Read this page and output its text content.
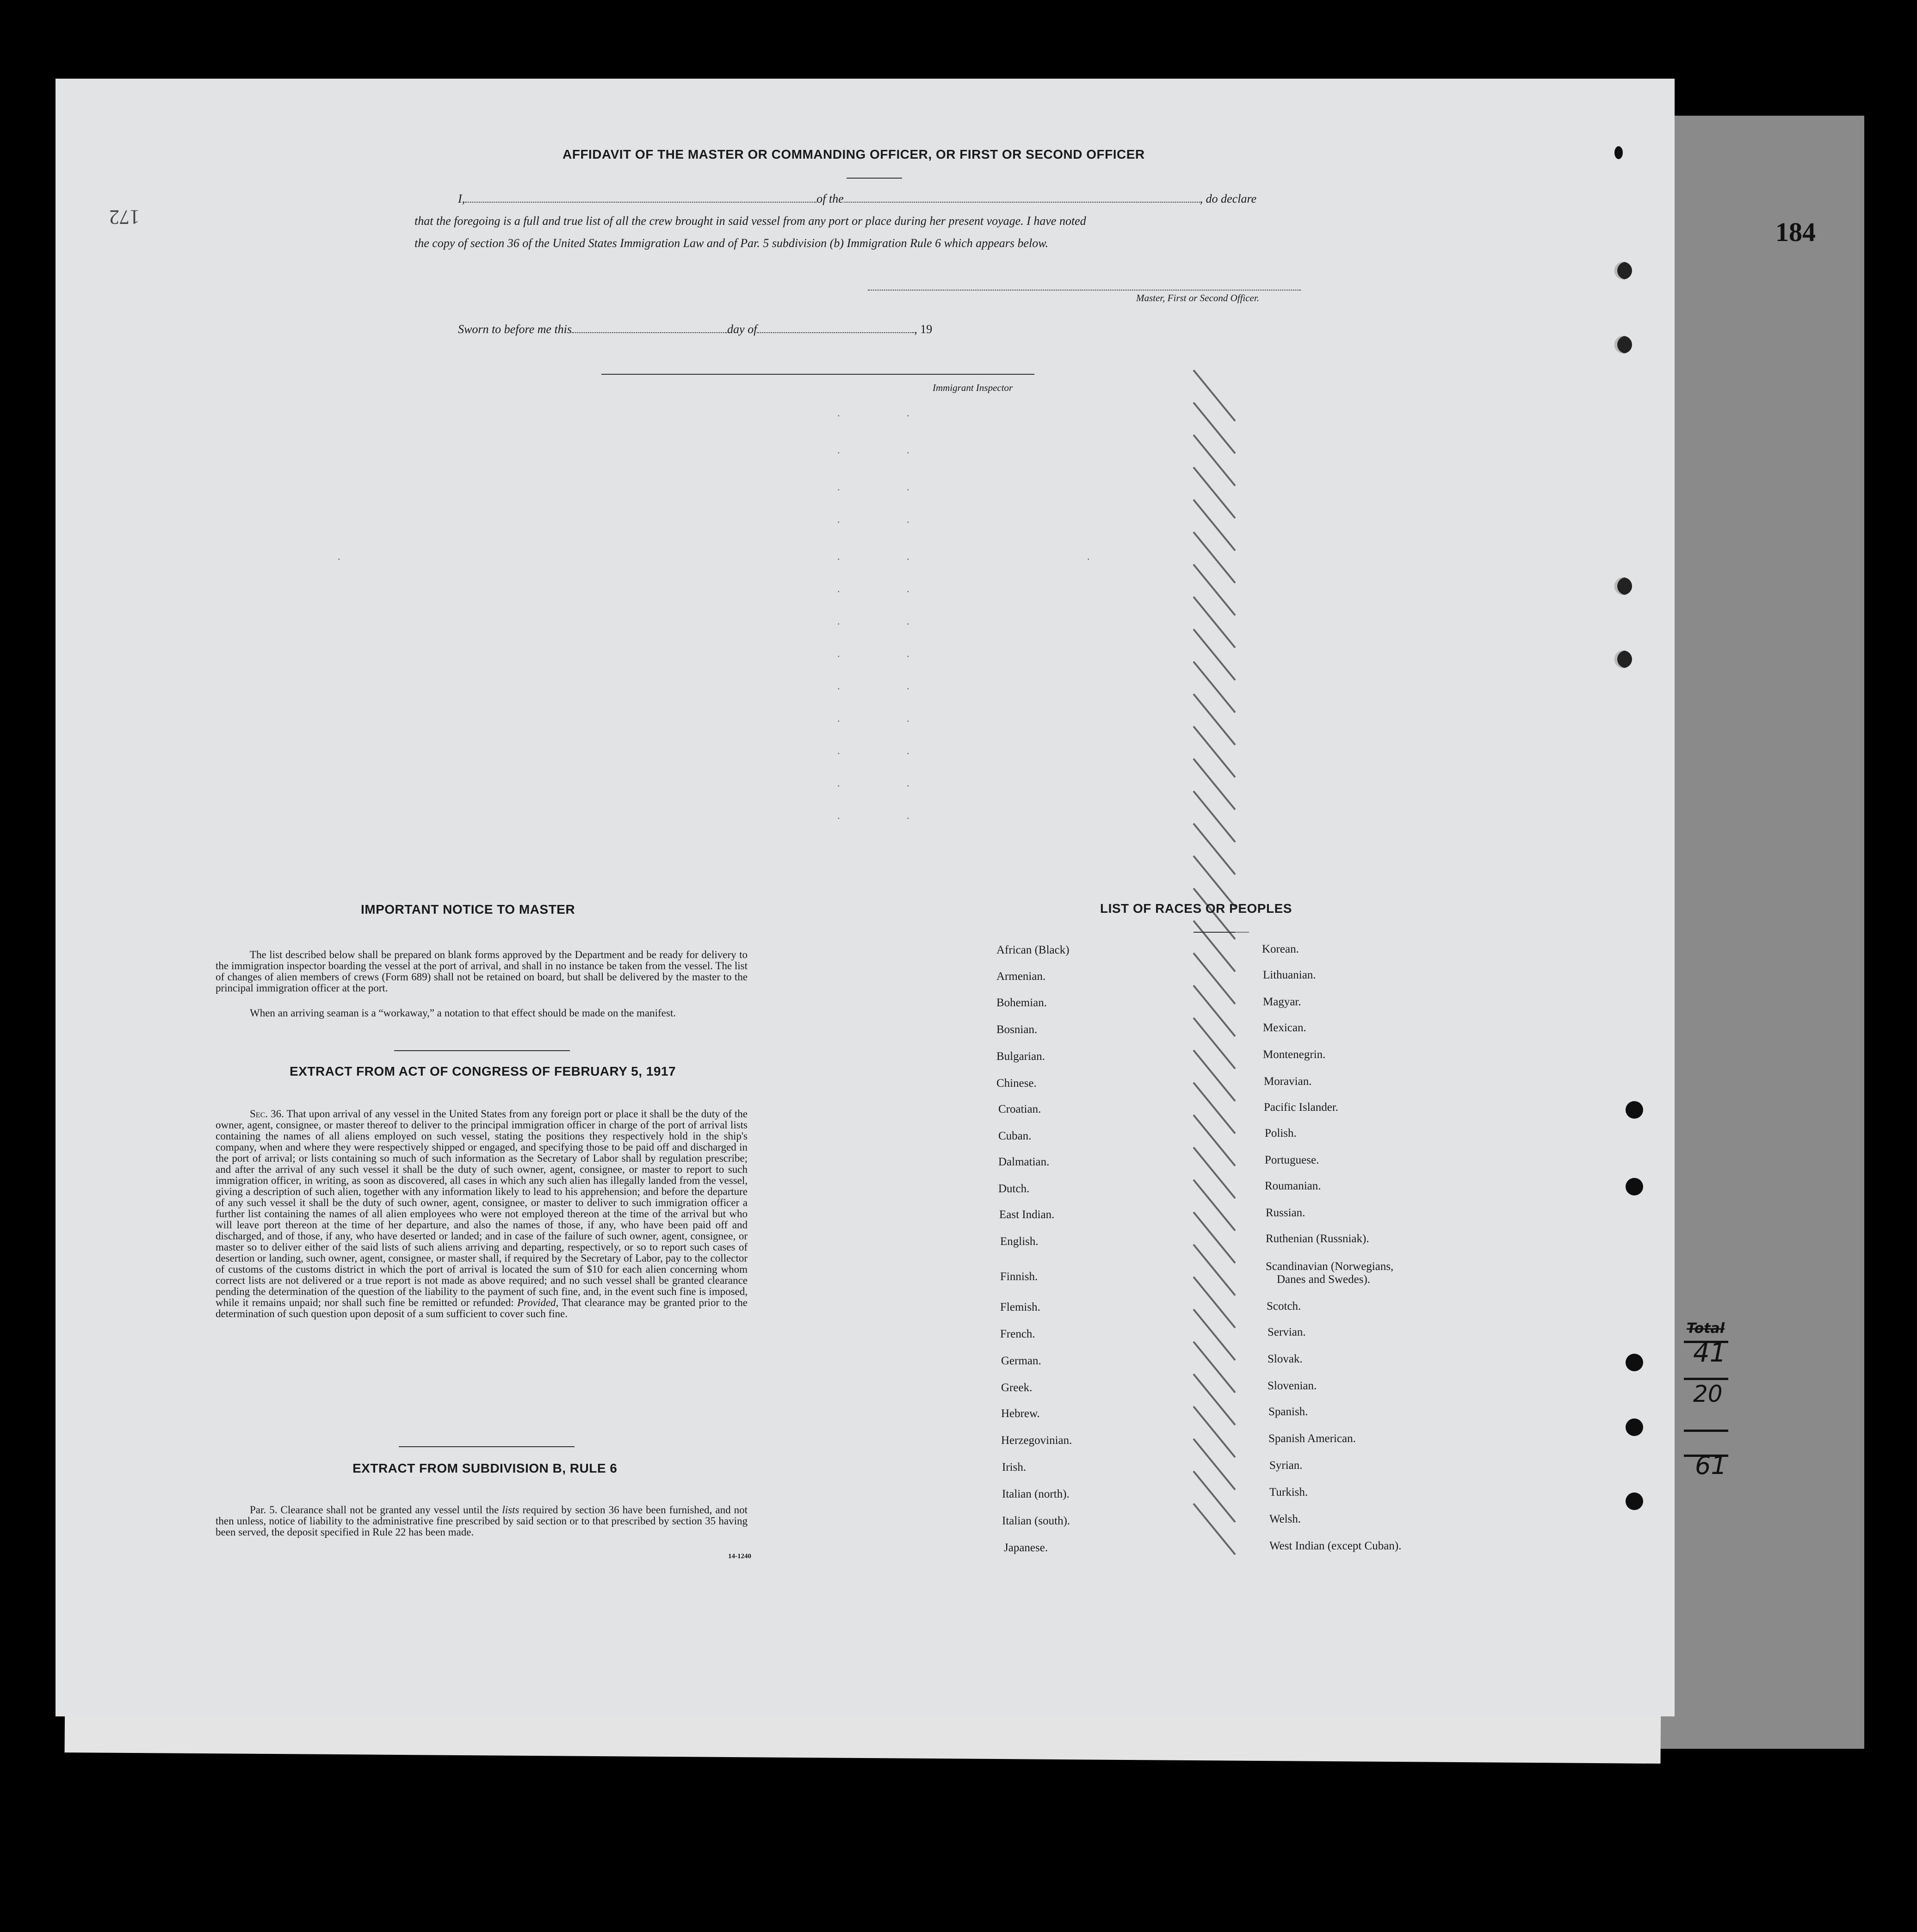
184
172
AFFIDAVIT OF THE MASTER OR COMMANDING OFFICER, OR FIRST OR SECOND OFFICER
I,	of the	, do declare
that the foregoing is a full and true list of all the crew brought in said vessel from any port or place during her present voyage. I have noted
the copy of section 36 of the United States Immigration Law and of Par. 5 subdivision (b) Immigration Rule 6 which appears below.
Master, First or Second Officer.
Sworn to before me this	day of	, 19
Immigrant Inspector
.	.
.	.
.	.
.	.
.	.	.	.
.	.
.	.
.	.
.	.
.	.
.	.
.	.
.	.
IMPORTANT NOTICE TO MASTER
The list described below shall be prepared on blank forms approved by the Department and be ready for delivery to the immigration inspector boarding the vessel at the port of arrival, and shall in no instance be taken from the vessel. The list of changes of alien members of crews (Form 689) shall not be retained on board, but shall be delivered by the master to the principal immigration officer at the port.
When an arriving seaman is a “workaway,” a notation to that effect should be made on the manifest.
EXTRACT FROM ACT OF CONGRESS OF FEBRUARY 5, 1917
Sec. 36. That upon arrival of any vessel in the United States from any foreign port or place it shall be the duty of the owner, agent, consignee, or master thereof to deliver to the principal immigration officer in charge of the port of arrival lists containing the names of all aliens employed on such vessel, stating the positions they respectively hold in the ship's company, when and where they were respectively shipped or engaged, and specifying those to be paid off and discharged in the port of arrival; or lists containing so much of such information as the Secretary of Labor shall by regulation prescribe; and after the arrival of any such vessel it shall be the duty of such owner, agent, consignee, or master to report to such immigration officer, in writing, as soon as discovered, all cases in which any such alien has illegally landed from the vessel, giving a description of such alien, together with any information likely to lead to his apprehension; and before the departure of any such vessel it shall be the duty of such owner, agent, consignee, or master to deliver to such immigration officer a further list containing the names of all alien employees who were not employed thereon at the time of the arrival but who will leave port thereon at the time of her departure, and also the names of those, if any, who have been paid off and discharged, and of those, if any, who have deserted or landed; and in case of the failure of such owner, agent, consignee, or master so to deliver either of the said lists of such aliens arriving and departing, respectively, or so to report such cases of desertion or landing, such owner, agent, consignee, or master shall, if required by the Secretary of Labor, pay to the collector of customs of the customs district in which the port of arrival is located the sum of $10 for each alien concerning whom correct lists are not delivered or a true report is not made as above required; and no such vessel shall be granted clearance pending the determination of the question of the liability to the payment of such fine, and, in the event such fine is imposed, while it remains unpaid; nor shall such fine be remitted or refunded: Provided, That clearance may be granted prior to the determination of such question upon deposit of a sum sufficient to cover such fine.
EXTRACT FROM SUBDIVISION B, RULE 6
Par. 5. Clearance shall not be granted any vessel until the lists required by section 36 have been furnished, and not then unless, notice of liability to the administrative fine prescribed by said section or to that prescribed by section 35 having been served, the deposit specified in Rule 22 has been made.
14-1240
LIST OF RACES OR PEOPLES
African (Black)
Armenian.
Bohemian.
Bosnian.
Bulgarian.
Chinese.
Croatian.
Cuban.
Dalmatian.
Dutch.
East Indian.
English.
Finnish.
Flemish.
French.
German.
Greek.
Hebrew.
Herzegovinian.
Irish.
Italian (north).
Italian (south).
Japanese.
Korean.
Lithuanian.
Magyar.
Mexican.
Montenegrin.
Moravian.
Pacific Islander.
Polish.
Portuguese.
Roumanian.
Russian.
Ruthenian (Russniak).
Scandinavian (Norwegians,
Danes and Swedes).
Scotch.
Servian.
Slovak.
Slovenian.
Spanish.
Spanish American.
Syrian.
Turkish.
Welsh.
West Indian (except Cuban).
Total
41
20
61
